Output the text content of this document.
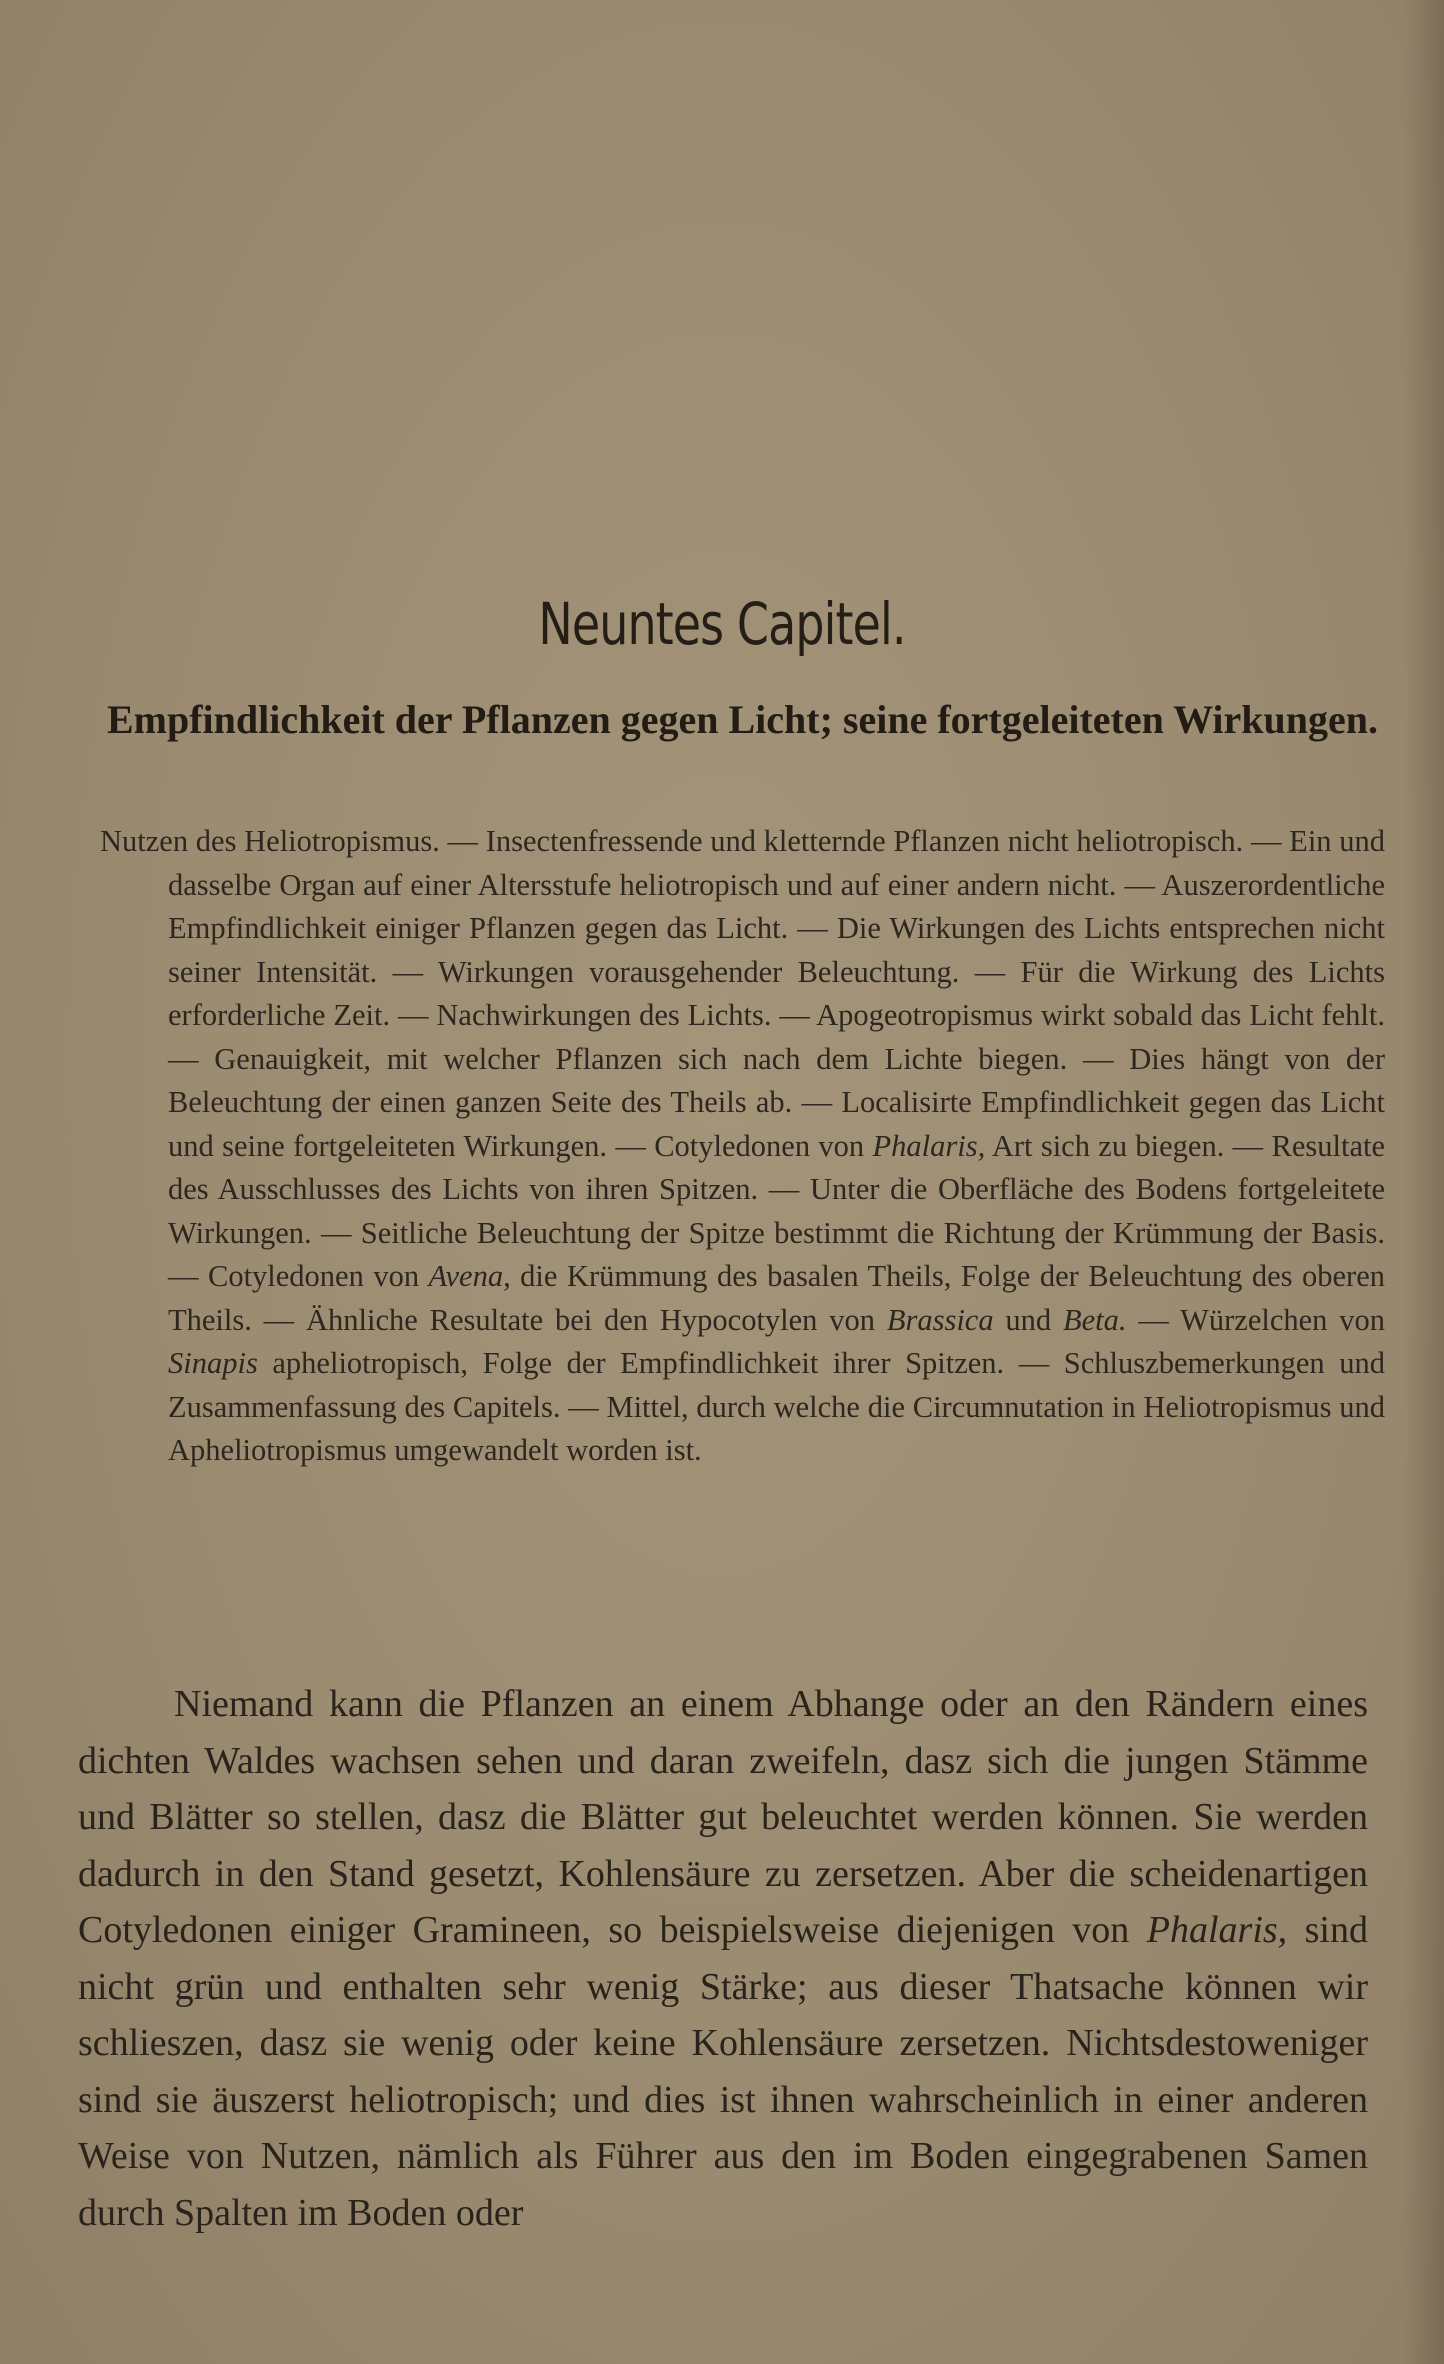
Neuntes Capitel.
Empfindlichkeit der Pflanzen gegen Licht; seine fortgeleiteten Wirkungen.

Nutzen des Heliotropismus. — Insectenfressende und kletternde Pflanzen nicht heliotropisch. — Ein und dasselbe Organ auf einer Altersstufe heliotropisch und auf einer andern nicht. — Auszerordentliche Empfindlichkeit einiger Pflanzen gegen das Licht. — Die Wirkungen des Lichts entsprechen nicht seiner Intensität. — Wirkungen vorausgehender Beleuchtung. — Für die Wirkung des Lichts erforderliche Zeit. — Nachwirkungen des Lichts. — Apogeotropismus wirkt sobald das Licht fehlt. — Genauigkeit, mit welcher Pflanzen sich nach dem Lichte biegen. — Dies hängt von der Beleuchtung der einen ganzen Seite des Theils ab. — Localisirte Empfindlichkeit gegen das Licht und seine fortgeleiteten Wirkungen. — Cotyledonen von Phalaris, Art sich zu biegen. — Resultate des Ausschlusses des Lichts von ihren Spitzen. — Unter die Oberfläche des Bodens fortgeleitete Wirkungen. — Seitliche Beleuchtung der Spitze bestimmt die Richtung der Krümmung der Basis. — Cotyledonen von Avena, die Krümmung des basalen Theils, Folge der Beleuchtung des oberen Theils. — Ähnliche Resultate bei den Hypocotylen von Brassica und Beta. — Würzelchen von Sinapis apheliotropisch, Folge der Empfindlichkeit ihrer Spitzen. — Schluszbemerkungen und Zusammenfassung des Capitels. — Mittel, durch welche die Circumnutation in Heliotropismus und Apheliotropismus umgewandelt worden ist.

Niemand kann die Pflanzen an einem Abhange oder an den Rändern eines dichten Waldes wachsen sehen und daran zweifeln, dasz sich die jungen Stämme und Blätter so stellen, dasz die Blätter gut beleuchtet werden können. Sie werden dadurch in den Stand gesetzt, Kohlensäure zu zersetzen. Aber die scheidenartigen Cotyledonen einiger Gramineen, so beispielsweise diejenigen von Phalaris, sind nicht grün und enthalten sehr wenig Stärke; aus dieser Thatsache können wir schlieszen, dasz sie wenig oder keine Kohlensäure zersetzen. Nichtsdestoweniger sind sie äuszerst heliotropisch; und dies ist ihnen wahrscheinlich in einer anderen Weise von Nutzen, nämlich als Führer aus den im Boden eingegrabenen Samen durch Spalten im Boden oder
